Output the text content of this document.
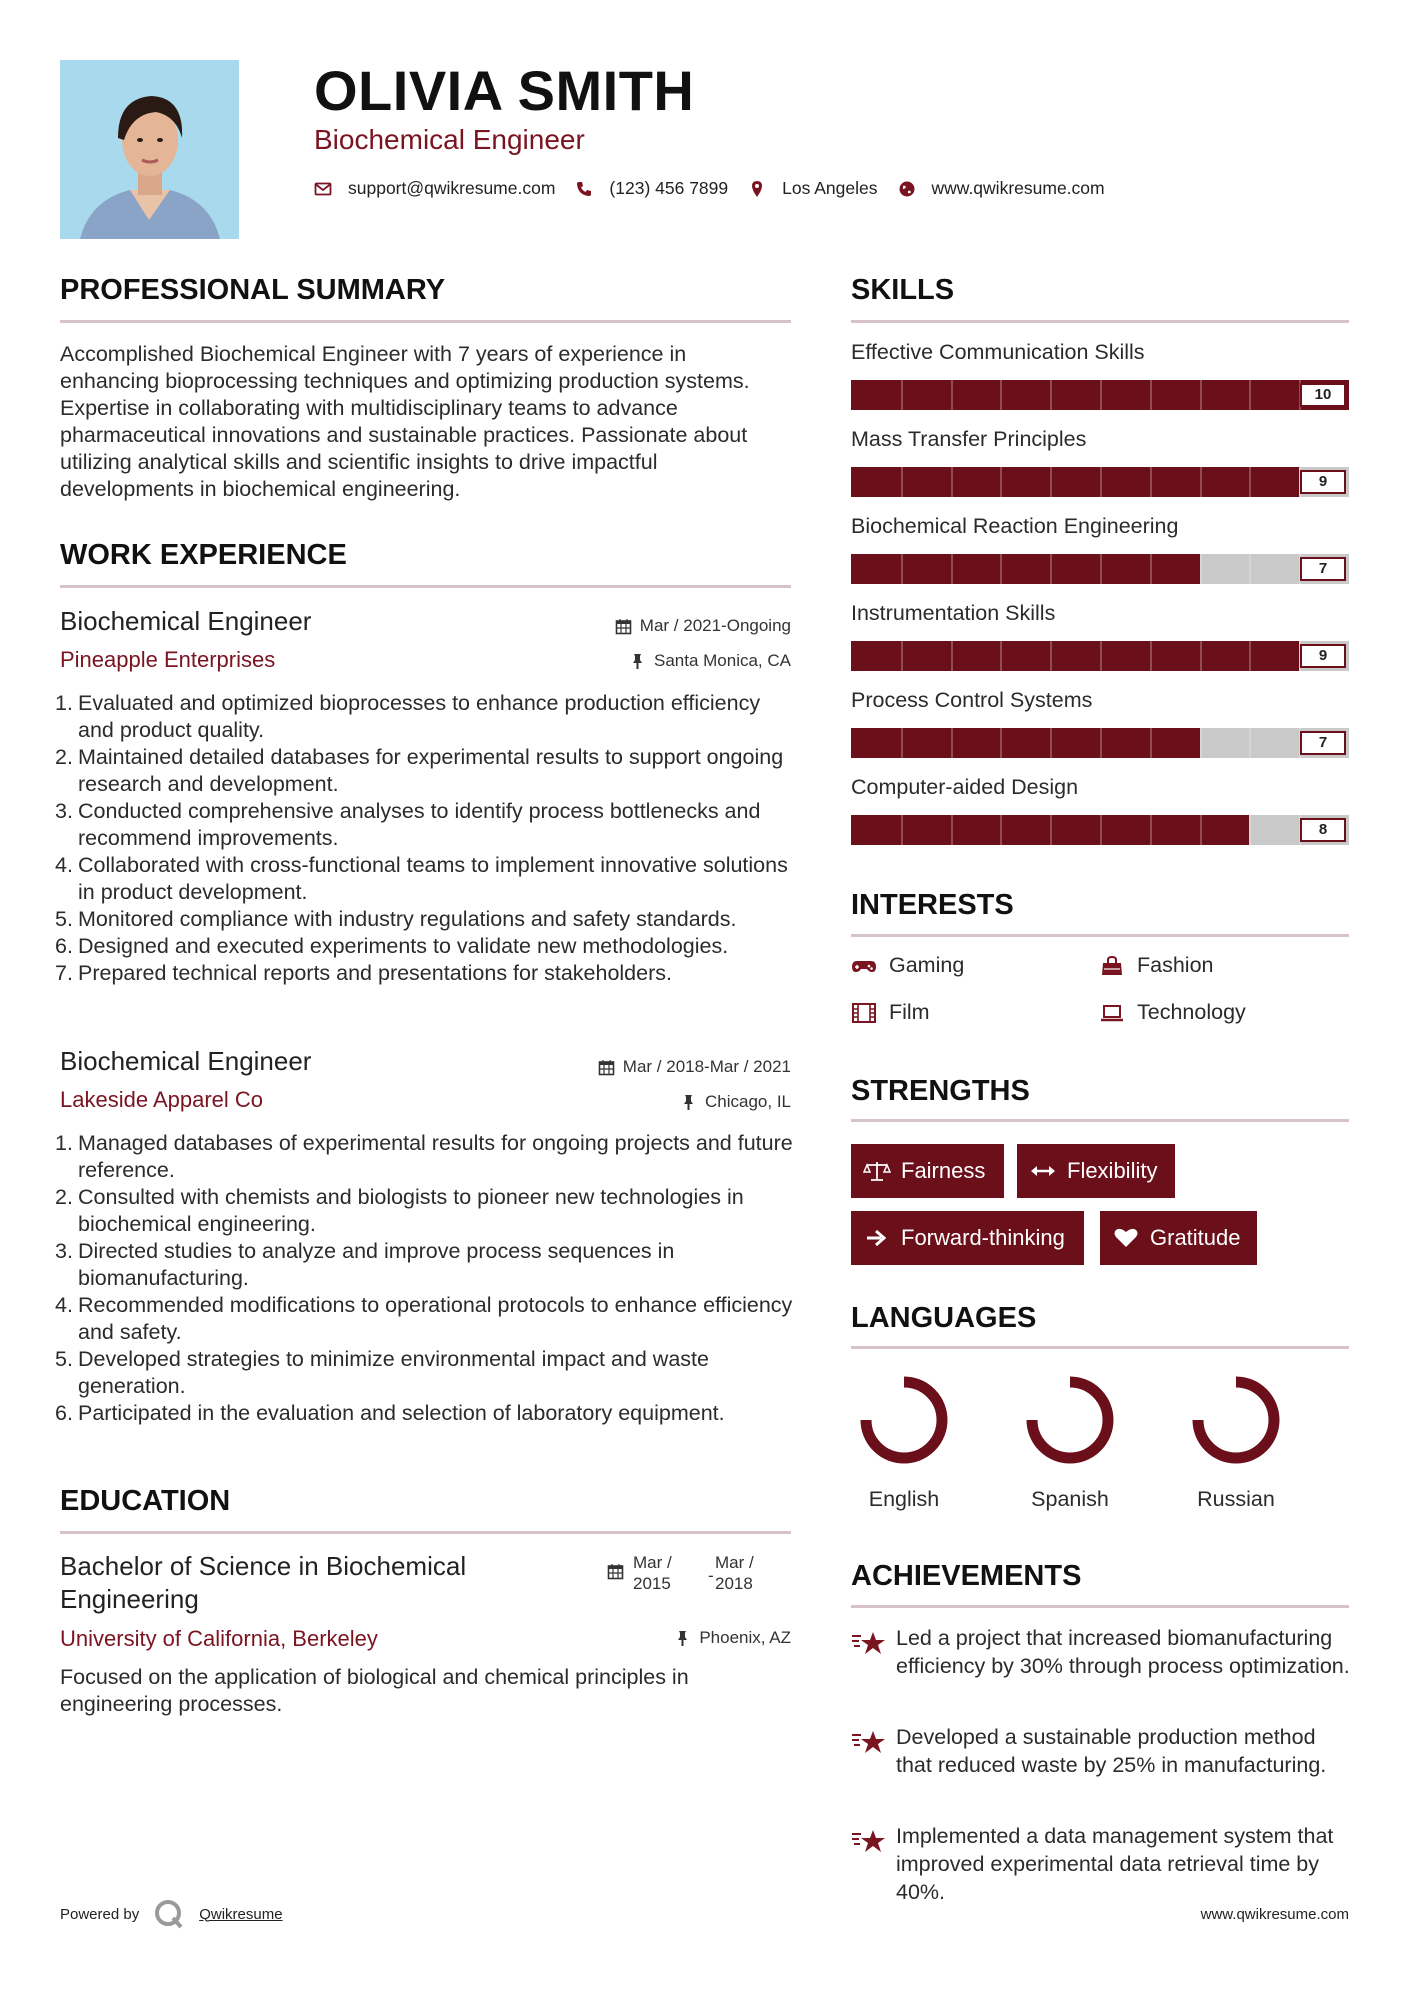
OLIVIA SMITH
Biochemical Engineer
support@qwikresume.com	(123) 456 7899	Los Angeles	www.qwikresume.com
PROFESSIONAL SUMMARY
Accomplished Biochemical Engineer with 7 years of experience in enhancing bioprocessing techniques and optimizing production systems. Expertise in collaborating with multidisciplinary teams to advance pharmaceutical innovations and sustainable practices. Passionate about utilizing analytical skills and scientific insights to drive impactful developments in biochemical engineering.
WORK EXPERIENCE
Biochemical Engineer	Mar / 2021-Ongoing
Pineapple Enterprises	Santa Monica, CA
1. Evaluated and optimized bioprocesses to enhance production efficiency and product quality.
2. Maintained detailed databases for experimental results to support ongoing research and development.
3. Conducted comprehensive analyses to identify process bottlenecks and recommend improvements.
4. Collaborated with cross-functional teams to implement innovative solutions in product development.
5. Monitored compliance with industry regulations and safety standards.
6. Designed and executed experiments to validate new methodologies.
7. Prepared technical reports and presentations for stakeholders.
Biochemical Engineer	Mar / 2018-Mar / 2021
Lakeside Apparel Co	Chicago, IL
1. Managed databases of experimental results for ongoing projects and future reference.
2. Consulted with chemists and biologists to pioneer new technologies in biochemical engineering.
3. Directed studies to analyze and improve process sequences in biomanufacturing.
4. Recommended modifications to operational protocols to enhance efficiency and safety.
5. Developed strategies to minimize environmental impact and waste generation.
6. Participated in the evaluation and selection of laboratory equipment.
EDUCATION
Bachelor of Science in Biochemical Engineering
Mar / 2015	-
Mar / 2018
University of California, Berkeley	Phoenix, AZ
Focused on the application of biological and chemical principles in engineering processes.
SKILLS
Effective Communication Skills
10
Mass Transfer Principles
9
Biochemical Reaction Engineering
7
Instrumentation Skills
9
Process Control Systems
7
Computer-aided Design
8
INTERESTS
Gaming	Fashion
Film	Technology
STRENGTHS
Fairness	Flexibility
Forward-thinking	Gratitude
LANGUAGES
English	Spanish	Russian
ACHIEVEMENTS
Led a project that increased biomanufacturing efficiency by 30% through process optimization.
Developed a sustainable production method that reduced waste by 25% in manufacturing.
Implemented a data management system that improved experimental data retrieval time by 40%.
Powered by	Qwikresume	www.qwikresume.com
